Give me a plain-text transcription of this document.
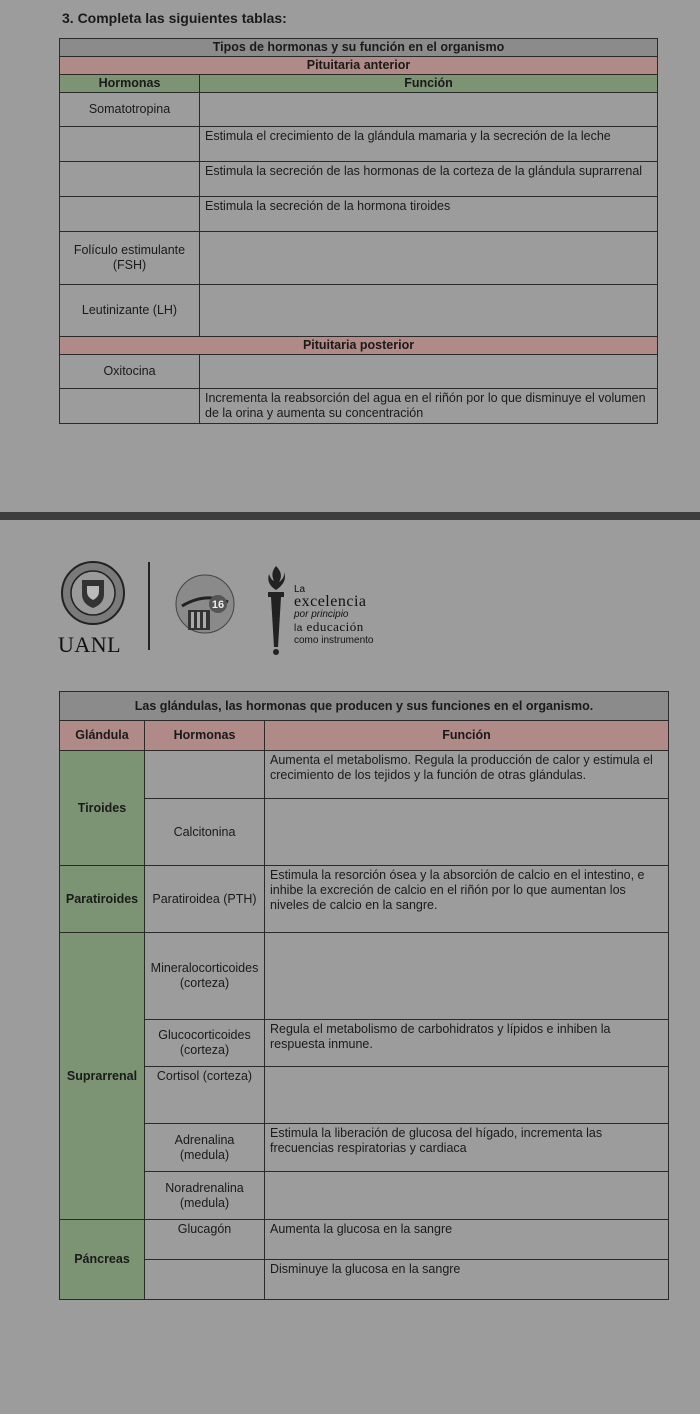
3. Completa las siguientes tablas:
Tipos de hormonas y su función en el organismo	
Pituitaria anterior	
Hormonas	Función
Somatotropina	
	Estimula el crecimiento de la glándula mamaria y la secreción de la leche
	Estimula la secreción de las hormonas de la corteza de la glándula suprarrenal
	Estimula la secreción de la hormona tiroides
Folículo estimulante (FSH)	
Leutinizante (LH)	
Pituitaria posterior	
Oxitocina	
	Incrementa la reabsorción del agua en el riñón por lo que disminuye el volumen de la orina y aumenta su concentración
UANL
16
La
excelencia
por principio
la educación
como instrumento
Las glándulas, las hormonas que producen y sus funciones en el organismo.		
Glándula	Hormonas	Función
Tiroides		Aumenta el metabolismo. Regula la producción de calor y estimula el crecimiento de los tejidos y la función de otras glándulas.
	Calcitonina	
Paratiroides	Paratiroidea (PTH)	Estimula la resorción ósea y la absorción de calcio en el intestino, e inhibe la excreción de calcio en el riñón por lo que aumentan los niveles de calcio en la sangre.
Suprarrenal	Mineralocorticoides (corteza)	
	Glucocorticoides (corteza)	Regula el metabolismo de carbohidratos y lípidos e inhiben la respuesta inmune.
	Cortisol (corteza)	
	Adrenalina (medula)	Estimula la liberación de glucosa del hígado, incrementa las frecuencias respiratorias y cardiaca
	Noradrenalina (medula)	
Páncreas	Glucagón	Aumenta la glucosa en la sangre
		Disminuye la glucosa en la sangre
